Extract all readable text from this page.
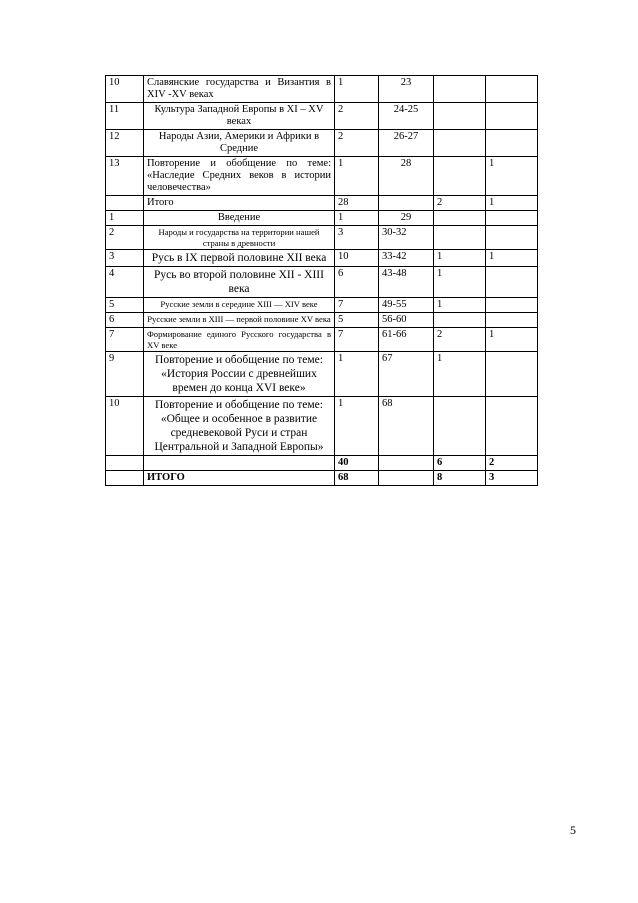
10	Славянские государства и Византия в XIV -XV веках	1	23		
11	Культура Западной Европы в XI – XV веках	2	24-25		
12	Народы Азии, Америки и Африки в Средние	2	26-27		
13	Повторение и обобщение по теме: «Наследие Средних веков в истории человечества»	1	28		1

	Итого	28		2	1
1	Введение	1	29		
2	Народы и государства на территории нашей страны в древности	3	30-32		
3	Русь в IX первой половине XII века	10	33-42	1	1
4	Русь во второй половине XII - XIII века	6	43-48	1	
5	Русские земли в середине XIII — XIV веке	7	49-55	1	
6	Русские земли в XIII — первой половине XV века	5	56-60		
7	Формирование единого Русского государства в XV веке	7	61-66	2	1
9	Повторение и обобщение по теме: «История России с древнейших времен до конца XVI веке»	1	67	1	
10	Повторение и обобщение по теме: «Общее и особенное в развитие средневековой Руси и стран Центральной и Западной Европы»	1	68		

	40		6	2

	ИТОГО	68		8	3
5
